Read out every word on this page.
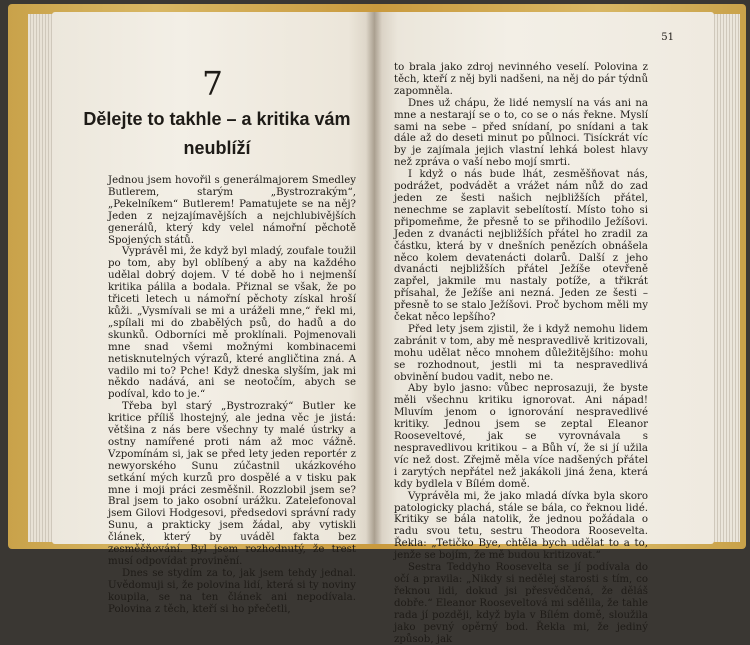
7
Dělejte to takhle – a kritika vám neublíží

Jednou jsem hovořil s generálmajorem Smedley Butlerem, starým „Bystrozrakým“, „Pekelníkem“ Butlerem! Pamatujete se na něj? Jeden z nejzajímavějších a nejchlubivějších generálů, který kdy velel námořní pěchotě Spojených států.

Vyprávěl mi, že když byl mladý, zoufale toužil po tom, aby byl oblíbený a aby na každého udělal dobrý dojem. V té době ho i nejmenší kritika pálila a bodala. Přiznal se však, že po třiceti letech u námořní pěchoty získal hroší kůži. „Vysmívali se mi a uráželi mne,“ řekl mi, „spílali mi do zbabělých psů, do hadů a do skunků. Odborníci mě proklínali. Pojmenovali mne snad všemi možnými kombinacemi netisknutelných výrazů, které angličtina zná. A vadilo mi to? Pche! Když dneska slyším, jak mi někdo nadává, ani se neotočím, abych se podíval, kdo to je.“

Třeba byl starý „Bystrozraký“ Butler ke kritice příliš lhostejný, ale jedna věc je jistá: většina z nás bere všechny ty malé ústrky a ostny namířené proti nám až moc vážně. Vzpomínám si, jak se před lety jeden reportér z newyorského Sunu zúčastnil ukázkového setkání mých kurzů pro dospělé a v tisku pak mne i moji práci zesměšnil. Rozzlobil jsem se? Bral jsem to jako osobní urážku. Zatelefonoval jsem Gilovi Hodgesovi, předsedovi správní rady Sunu, a prakticky jsem žádal, aby vytiskli článek, který by uváděl fakta bez zesměšňování. Byl jsem rozhodnutý, že trest musí odpovídat provinění.

Dnes se stydím za to, jak jsem tehdy jednal. Uvědomuji si, že polovina lidí, která si ty noviny koupila, se na ten článek ani nepodívala. Polovina z těch, kteří si ho přečetli,

51

to brala jako zdroj nevinného veselí. Polovina z těch, kteří z něj byli nadšeni, na něj do pár týdnů zapomněla.

Dnes už chápu, že lidé nemyslí na vás ani na mne a nestarají se o to, co se o nás řekne. Myslí sami na sebe – před snídaní, po snídani a tak dále až do deseti minut po půlnoci. Tisíckrát víc by je zajímala jejich vlastní lehká bolest hlavy než zpráva o vaší nebo mojí smrti.

I když o nás bude lhát, zesměšňovat nás, podrážet, podvádět a vrážet nám nůž do zad jeden ze šesti našich nejbližších přátel, nenechme se zaplavit sebelítostí. Místo toho si připomeňme, že přesně to se přihodilo Ježíšovi. Jeden z dvanácti nejbližších přátel ho zradil za částku, která by v dnešních penězích obnášela něco kolem devatenácti dolarů. Další z jeho dvanácti nejbližších přátel Ježíše otevřeně zapřel, jakmile mu nastaly potíže, a třikrát přísahal, že Ježíše ani nezná. Jeden ze šesti – přesně to se stalo Ježíšovi. Proč bychom měli my čekat něco lepšího?

Před lety jsem zjistil, že i když nemohu lidem zabránit v tom, aby mě nespravedlivě kritizovali, mohu udělat něco mnohem důležitějšího: mohu se rozhodnout, jestli mi ta nespravedlivá obvinění budou vadit, nebo ne.

Aby bylo jasno: vůbec neprosazuji, že byste měli všechnu kritiku ignorovat. Ani nápad! Mluvím jenom o ignorování nespravedlivé kritiky. Jednou jsem se zeptal Eleanor Rooseveltové, jak se vyrovnávala s nespravedlivou kritikou – a Bůh ví, že si jí užila víc než dost. Zřejmě měla více nadšených přátel i zarytých nepřátel než jakákoli jiná žena, která kdy bydlela v Bílém domě.

Vyprávěla mi, že jako mladá dívka byla skoro patologicky plachá, stále se bála, co řeknou lidé. Kritiky se bála natolik, že jednou požádala o radu svou tetu, sestru Theodora Roosevelta. Řekla: „Tetičko Bye, chtěla bych udělat to a to, jenže se bojím, že mě budou kritizovat.“

Sestra Teddyho Roosevelta se jí podívala do očí a pravila: „Nikdy si nedělej starosti s tím, co řeknou lidi, dokud jsi přesvědčená, že děláš dobře.“ Eleanor Rooseveltová mi sdělila, že tahle rada jí později, když byla v Bílém domě, sloužila jako pevný opěrný bod. Řekla mi, že jediný způsob, jak
